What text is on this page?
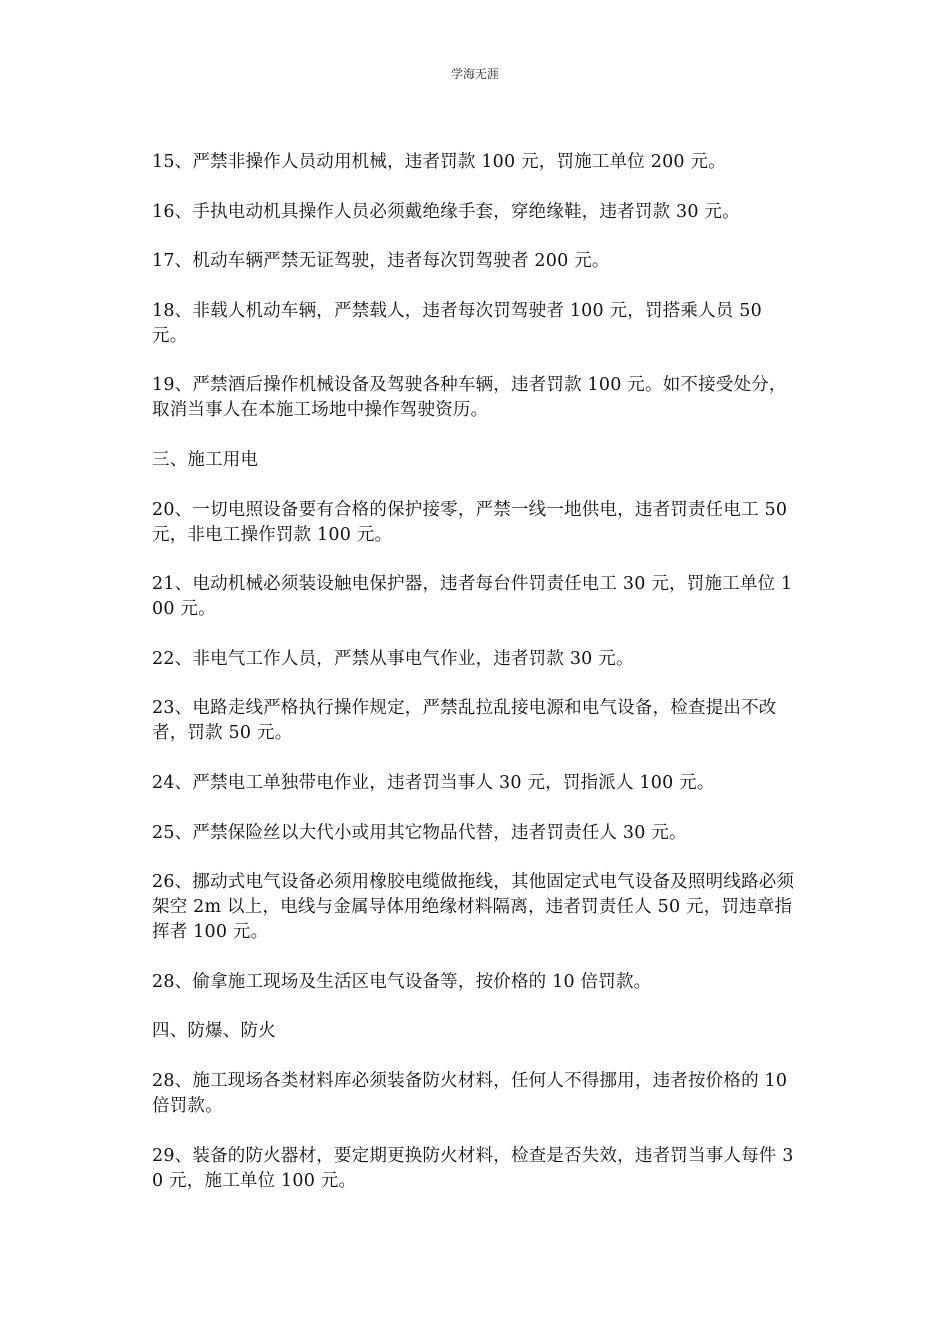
学海无涯

15、严禁非操作人员动用机械，违者罚款 100 元，罚施工单位 200 元。

16、手执电动机具操作人员必须戴绝缘手套，穿绝缘鞋，违者罚款 30 元。

17、机动车辆严禁无证驾驶，违者每次罚驾驶者 200 元。

18、非载人机动车辆，严禁载人，违者每次罚驾驶者 100 元，罚搭乘人员 50 元。

19、严禁酒后操作机械设备及驾驶各种车辆，违者罚款 100 元。如不接受处分，取消当事人在本施工场地中操作驾驶资历。

三、施工用电

20、一切电照设备要有合格的保护接零，严禁一线一地供电，违者罚责任电工 50 元，非电工操作罚款 100 元。

21、电动机械必须装设触电保护器，违者每台件罚责任电工 30 元，罚施工单位 100 元。

22、非电气工作人员，严禁从事电气作业，违者罚款 30 元。

23、电路走线严格执行操作规定，严禁乱拉乱接电源和电气设备，检查提出不改者，罚款 50 元。

24、严禁电工单独带电作业，违者罚当事人 30 元，罚指派人 100 元。

25、严禁保险丝以大代小或用其它物品代替，违者罚责任人 30 元。

26、挪动式电气设备必须用橡胶电缆做拖线，其他固定式电气设备及照明线路必须架空 2m 以上，电线与金属导体用绝缘材料隔离，违者罚责任人 50 元，罚违章指挥者 100 元。

28、偷拿施工现场及生活区电气设备等，按价格的 10 倍罚款。

四、防爆、防火

28、施工现场各类材料库必须装备防火材料，任何人不得挪用，违者按价格的 10 倍罚款。

29、装备的防火器材，要定期更换防火材料，检查是否失效，违者罚当事人每件 30 元，施工单位 100 元。
